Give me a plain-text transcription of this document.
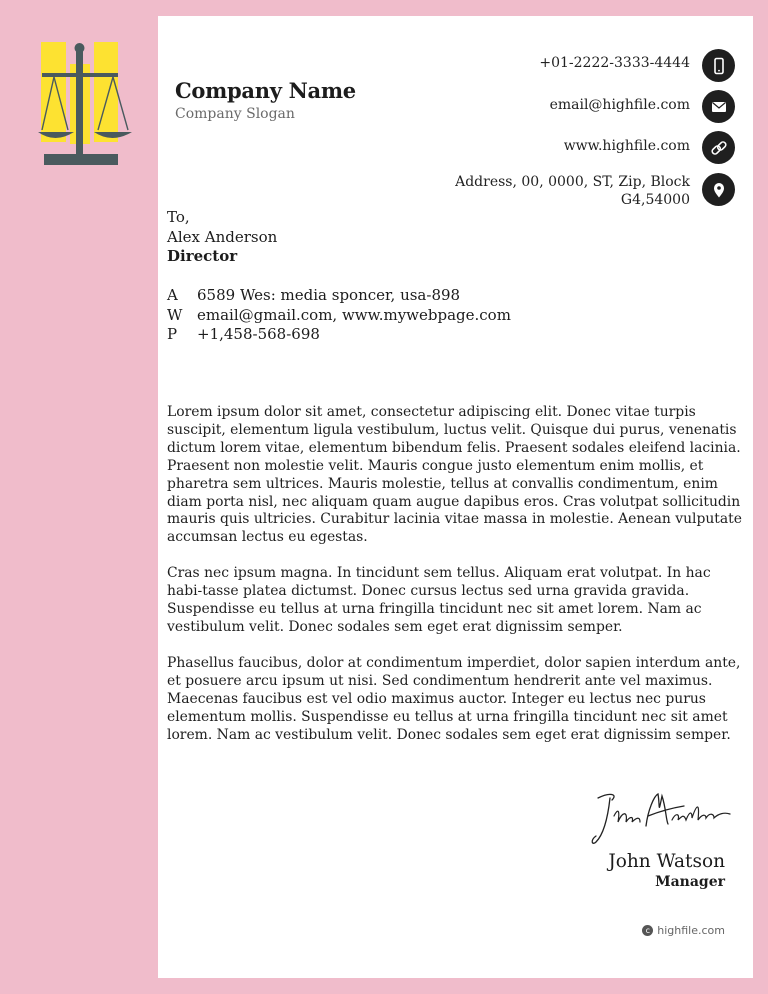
Company Name
Company Slogan
+01-2222-3333-4444
email@highfile.com
www.highfile.com
Address, 00, 0000, ST, Zip, Block
G4,54000
To,
Alex Anderson
Director
A	6589 Wes: media sponcer, usa-898
W email@gmail.com, www.mywebpage.com
P	+1,458-568-698

Lorem ipsum dolor sit amet, consectetur adipiscing elit. Donec vitae turpis suscipit, elementum ligula vestibulum, luctus velit. Quisque dui purus, venenatis dictum lorem vitae, elementum bibendum felis. Praesent sodales eleifend lacinia. Praesent non molestie velit. Mauris congue justo elementum enim mollis, et pharetra sem ultrices. Mauris molestie, tellus at convallis condimentum, enim diam porta nisl, nec aliquam quam augue dapibus eros. Cras volutpat sollicitudin mauris quis ultricies. Curabitur lacinia vitae massa in molestie. Aenean vulputate accumsan lectus eu egestas.

Cras nec ipsum magna. In tincidunt sem tellus. Aliquam erat volutpat. In hac habi-tasse platea dictumst. Donec cursus lectus sed urna gravida gravida. Suspendisse eu tellus at urna fringilla tincidunt nec sit amet lorem. Nam ac vestibulum velit. Donec sodales sem eget erat dignissim semper.

Phasellus faucibus, dolor at condimentum imperdiet, dolor sapien interdum ante, et posuere arcu ipsum ut nisi. Sed condimentum hendrerit ante vel maximus. Maecenas faucibus est vel odio maximus auctor. Integer eu lectus nec purus elementum mollis. Suspendisse eu tellus at urna fringilla tincidunt nec sit amet lorem. Nam ac vestibulum velit. Donec sodales sem eget erat dignissim semper.

John Watson
Manager
c highfile.com
